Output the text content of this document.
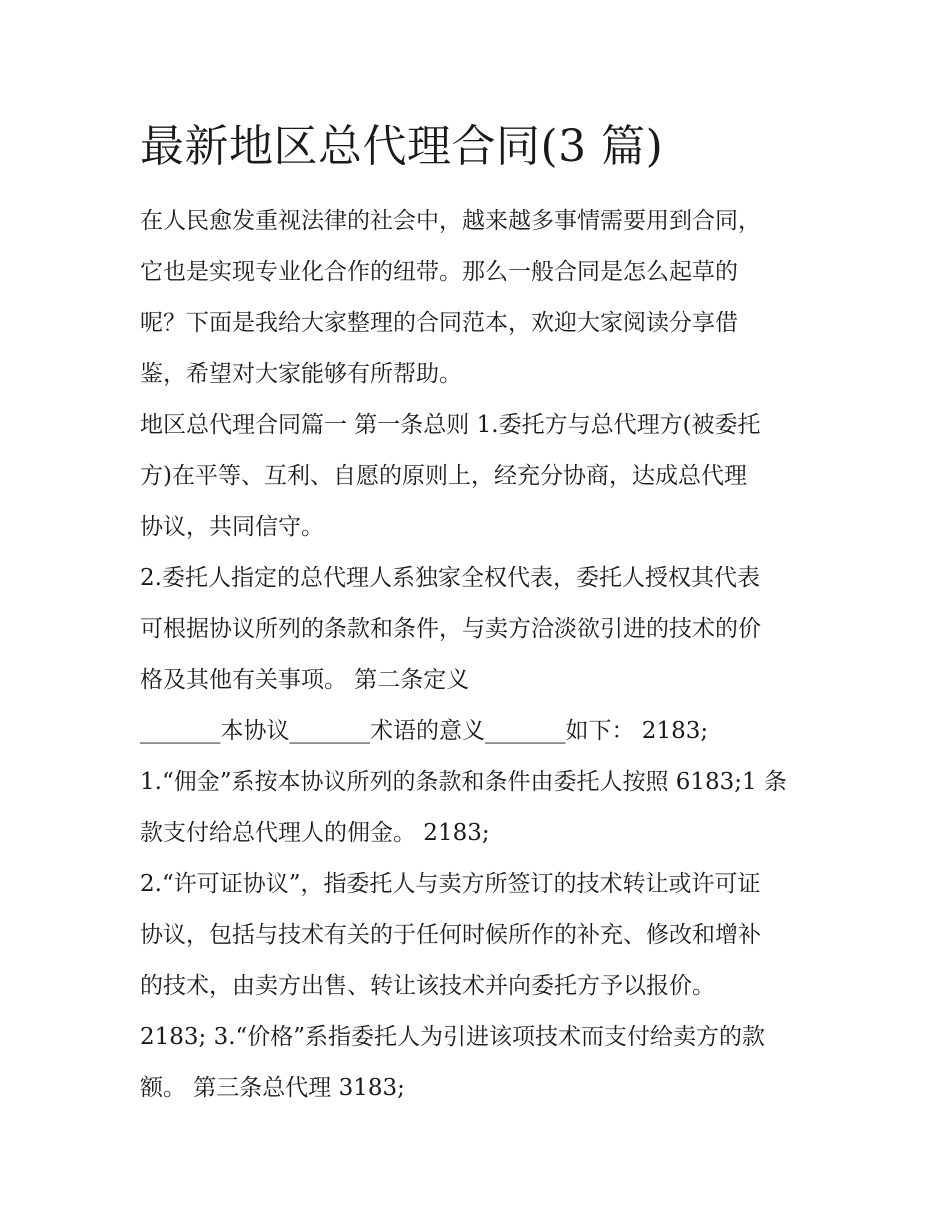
最新地区总代理合同(3 篇)

在人民愈发重视法律的社会中，越来越多事情需要用到合同，
它也是实现专业化合作的纽带。那么一般合同是怎么起草的
呢？下面是我给大家整理的合同范本，欢迎大家阅读分享借
鉴，希望对大家能够有所帮助。

地区总代理合同篇一 第一条总则 1.委托方与总代理方(被委托
方)在平等、互利、自愿的原则上，经充分协商，达成总代理
协议，共同信守。

2.委托人指定的总代理人系独家全权代表，委托人授权其代表
可根据协议所列的条款和条件，与卖方洽淡欲引进的技术的价
格及其他有关事项。 第二条定义

_______本协议_______术语的意义_______如下： 2183;

1.“佣金”系按本协议所列的条款和条件由委托人按照 6183;1 条
款支付给总代理人的佣金。 2183;

2.“许可证协议”，指委托人与卖方所签订的技术转让或许可证
协议，包括与技术有关的于任何时候所作的补充、修改和增补
的技术，由卖方出售、转让该技术并向委托方予以报价。

2183; 3.“价格”系指委托人为引进该项技术而支付给卖方的款
额。 第三条总代理 3183;
